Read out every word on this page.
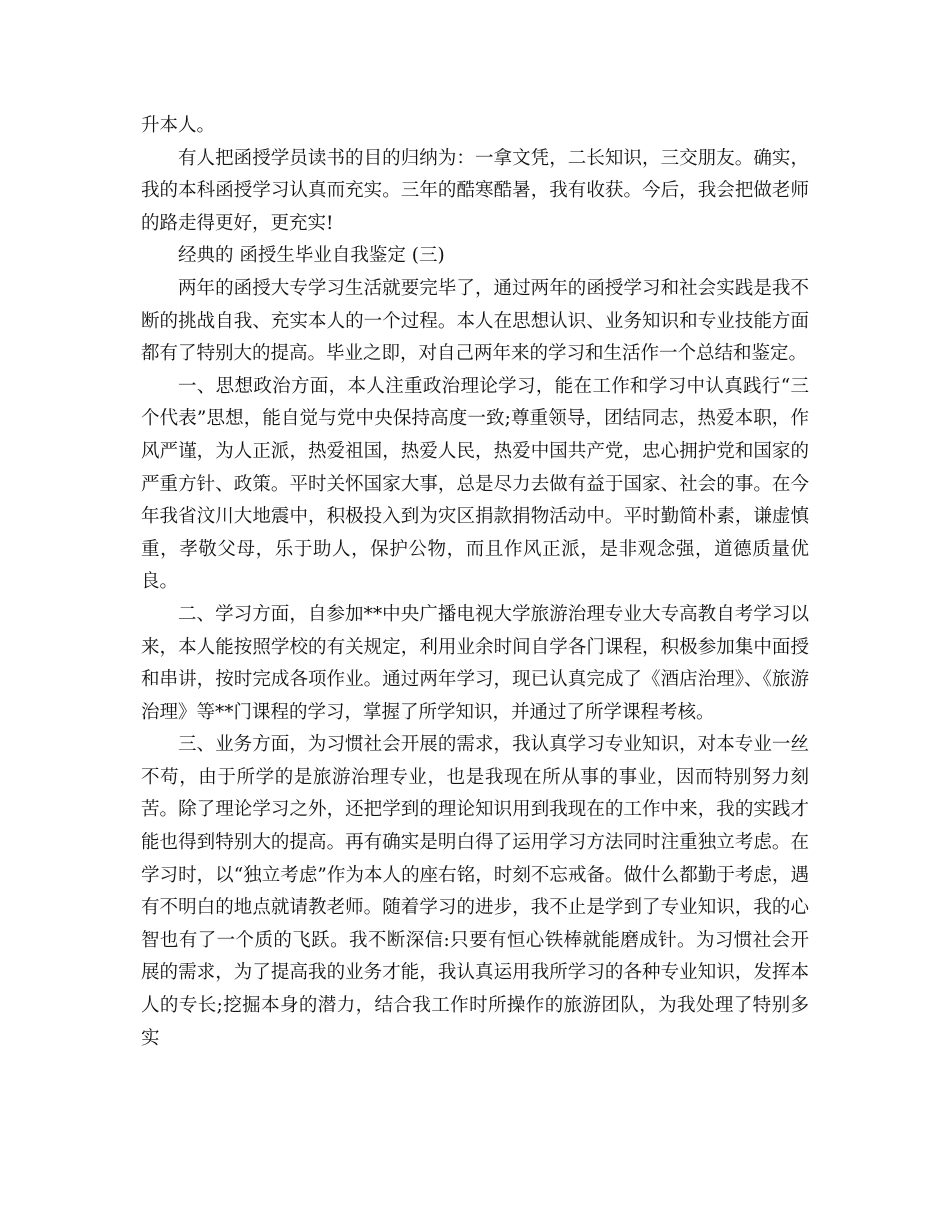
升本人。

有人把函授学员读书的目的归纳为：一拿文凭，二长知识，三交朋友。确实，我的本科函授学习认真而充实。三年的酷寒酷暑，我有收获。今后，我会把做老师的路走得更好，更充实!

经典的 函授生毕业自我鉴定 (三)

两年的函授大专学习生活就要完毕了，通过两年的函授学习和社会实践是我不断的挑战自我、充实本人的一个过程。本人在思想认识、业务知识和专业技能方面都有了特别大的提高。毕业之即，对自己两年来的学习和生活作一个总结和鉴定。

一、思想政治方面，本人注重政治理论学习，能在工作和学习中认真践行“三个代表”思想，能自觉与党中央保持高度一致;尊重领导，团结同志，热爱本职，作风严谨，为人正派，热爱祖国，热爱人民，热爱中国共产党，忠心拥护党和国家的严重方针、政策。平时关怀国家大事，总是尽力去做有益于国家、社会的事。在今年我省汶川大地震中，积极投入到为灾区捐款捐物活动中。平时勤简朴素，谦虚慎重，孝敬父母，乐于助人，保护公物，而且作风正派，是非观念强，道德质量优良。

二、学习方面，自参加**中央广播电视大学旅游治理专业大专高教自考学习以来，本人能按照学校的有关规定，利用业余时间自学各门课程，积极参加集中面授和串讲，按时完成各项作业。通过两年学习，现已认真完成了《酒店治理》、《旅游治理》等**门课程的学习，掌握了所学知识，并通过了所学课程考核。

三、业务方面，为习惯社会开展的需求，我认真学习专业知识，对本专业一丝不苟，由于所学的是旅游治理专业，也是我现在所从事的事业，因而特别努力刻苦。除了理论学习之外，还把学到的理论知识用到我现在的工作中来，我的实践才能也得到特别大的提高。再有确实是明白得了运用学习方法同时注重独立考虑。在学习时，以“独立考虑”作为本人的座右铭，时刻不忘戒备。做什么都勤于考虑，遇有不明白的地点就请教老师。随着学习的进步，我不止是学到了专业知识，我的心智也有了一个质的飞跃。我不断深信:只要有恒心铁棒就能磨成针。为习惯社会开展的需求，为了提高我的业务才能，我认真运用我所学习的各种专业知识，发挥本人的专长;挖掘本身的潜力，结合我工作时所操作的旅游团队，为我处理了特别多实
